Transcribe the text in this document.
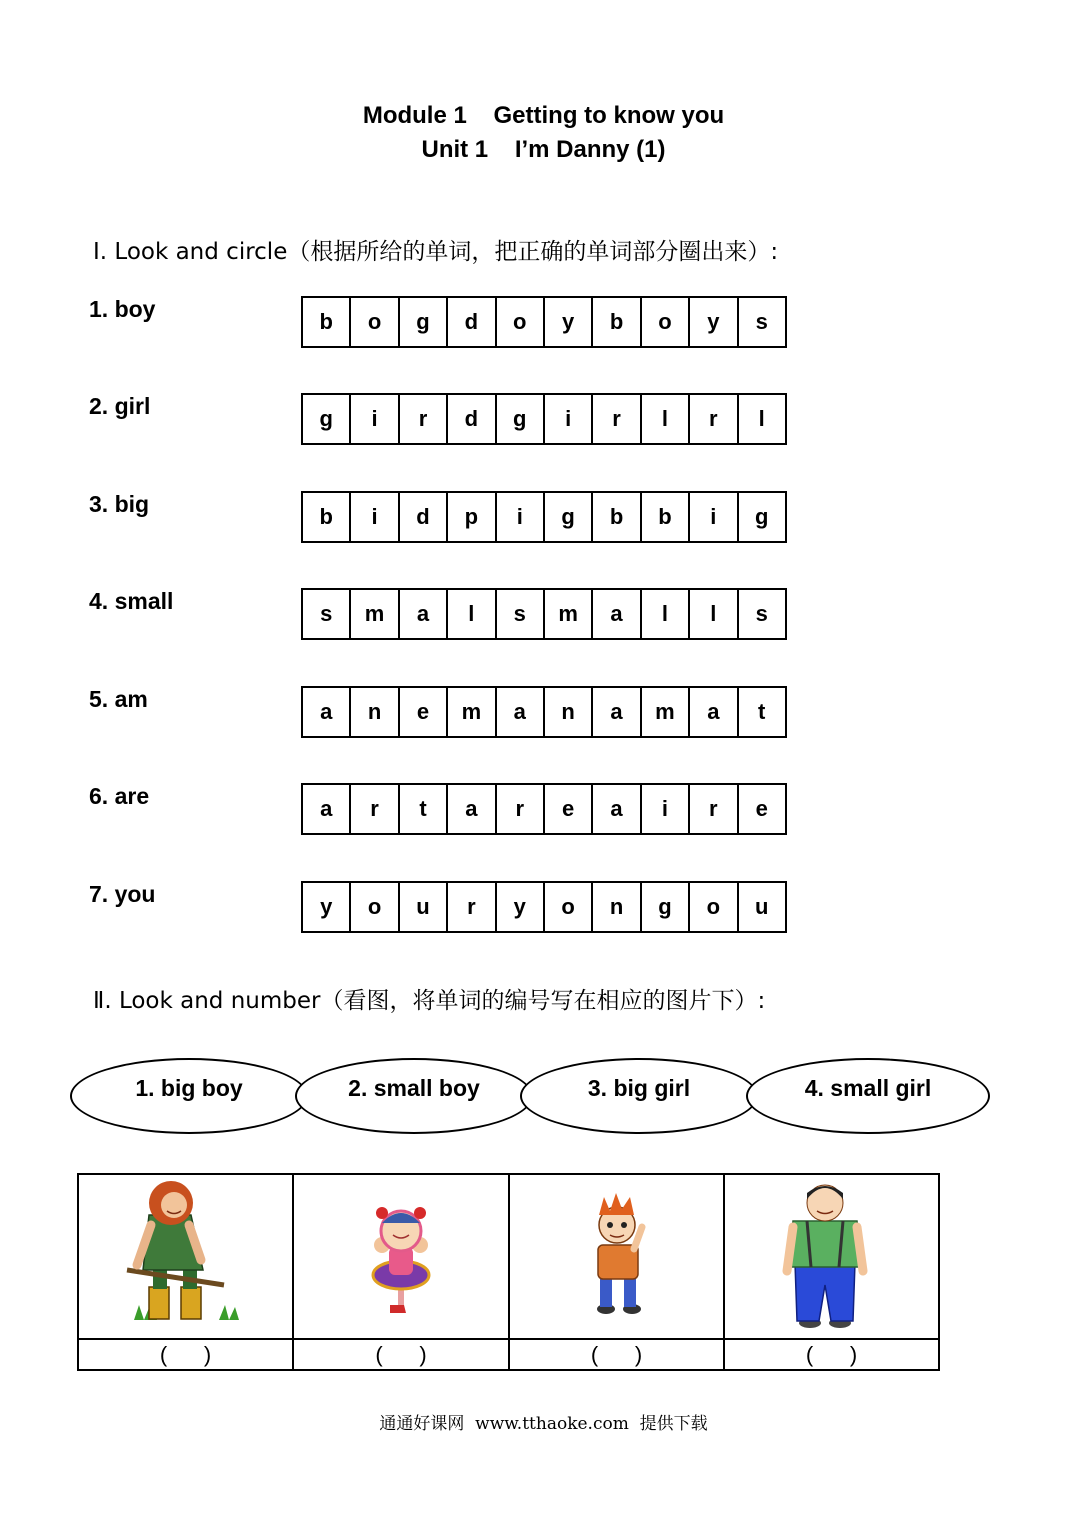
Module 1    Getting to know you
Unit 1    I’m Danny (1)
Ⅰ. Look and circle（根据所给的单词，把正确的单词部分圈出来）:
1. boy	b	o	g	d	o	y	b	o	y	s
2. girl	g	i	r	d	g	i	r	l	r	l
3. big	b	i	d	p	i	g	b	b	i	g
4. small	s	m	a	l	s	m	a	l	l	s
5. am	a	n	e	m	a	n	a	m	a	t
6. are	a	r	t	a	r	e	a	i	r	e
7. you	y	o	u	r	y	o	n	g	o	u
Ⅱ. Look and number（看图，将单词的编号写在相应的图片下）:
1. big boy	2. small boy	3. big girl	4. small girl
(      )	(      )	(      )	(      )
通通好课网  www.tthaoke.com  提供下载
